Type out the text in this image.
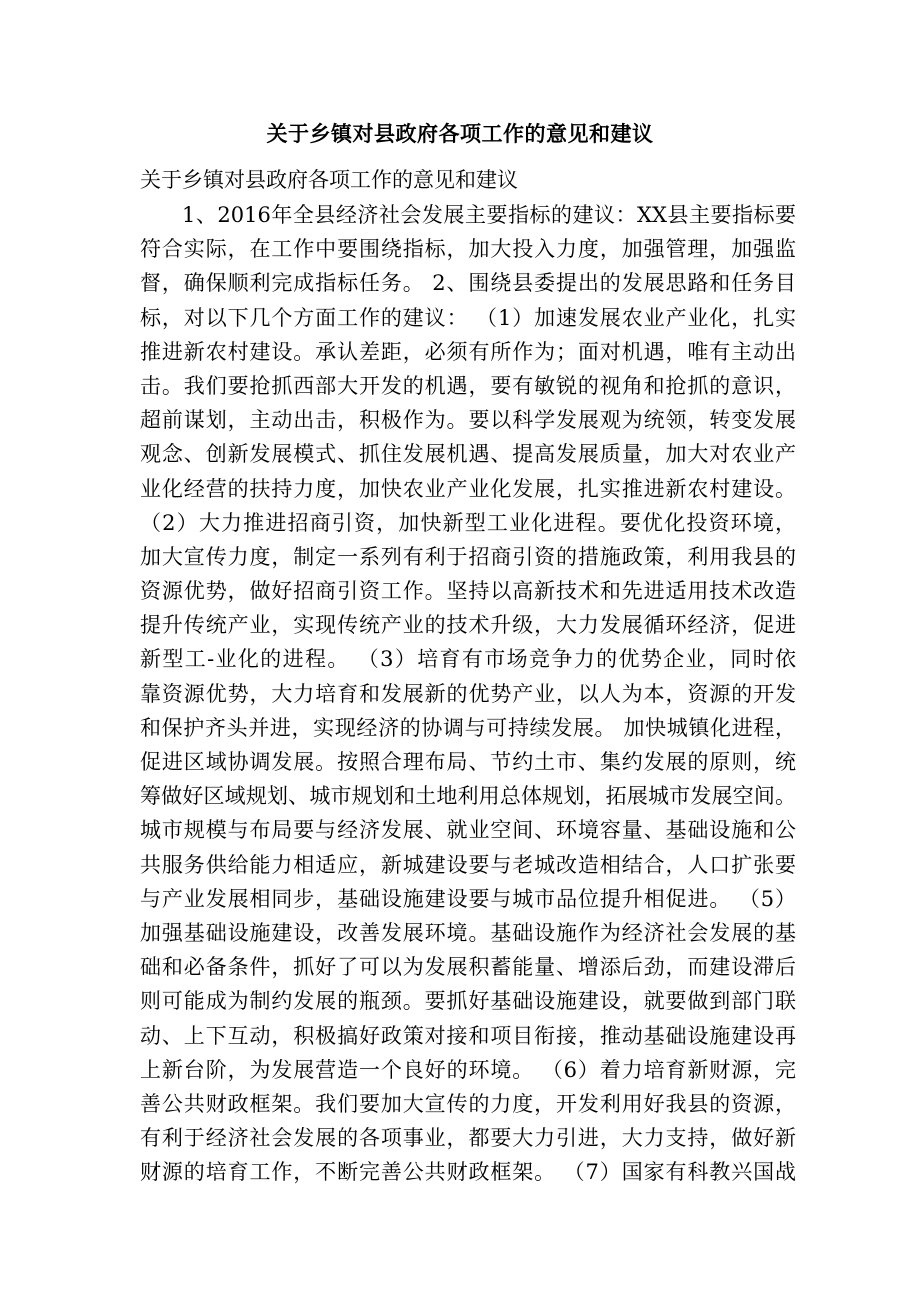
关于乡镇对县政府各项工作的意见和建议
关于乡镇对县政府各项工作的意见和建议
1、2016年全县经济社会发展主要指标的建议：XX县主要指标要
符合实际，在工作中要围绕指标，加大投入力度，加强管理，加强监
督，确保顺利完成指标任务。 2、围绕县委提出的发展思路和任务目
标，对以下几个方面工作的建议： （1）加速发展农业产业化，扎实
推进新农村建设。承认差距，必须有所作为；面对机遇，唯有主动出
击。我们要抢抓西部大开发的机遇，要有敏锐的视角和抢抓的意识，
超前谋划，主动出击，积极作为。要以科学发展观为统领，转变发展
观念、创新发展模式、抓住发展机遇、提高发展质量，加大对农业产
业化经营的扶持力度，加快农业产业化发展，扎实推进新农村建设。
（2）大力推进招商引资，加快新型工业化进程。要优化投资环境，
加大宣传力度，制定一系列有利于招商引资的措施政策，利用我县的
资源优势，做好招商引资工作。坚持以高新技术和先进适用技术改造
提升传统产业，实现传统产业的技术升级，大力发展循环经济，促进
新型工-业化的进程。 （3）培育有市场竞争力的优势企业，同时依
靠资源优势，大力培育和发展新的优势产业，以人为本，资源的开发
和保护齐头并进，实现经济的协调与可持续发展。 加快城镇化进程，
促进区域协调发展。按照合理布局、节约土市、集约发展的原则，统
筹做好区域规划、城市规划和土地利用总体规划，拓展城市发展空间。
城市规模与布局要与经济发展、就业空间、环境容量、基础设施和公
共服务供给能力相适应，新城建设要与老城改造相结合，人口扩张要
与产业发展相同步，基础设施建设要与城市品位提升相促进。 （5）
加强基础设施建设，改善发展环境。基础设施作为经济社会发展的基
础和必备条件，抓好了可以为发展积蓄能量、增添后劲，而建设滞后
则可能成为制约发展的瓶颈。要抓好基础设施建设，就要做到部门联
动、上下互动，积极搞好政策对接和项目衔接，推动基础设施建设再
上新台阶，为发展营造一个良好的环境。 （6）着力培育新财源，完
善公共财政框架。我们要加大宣传的力度，开发利用好我县的资源，
有利于经济社会发展的各项事业，都要大力引进，大力支持，做好新
财源的培育工作，不断完善公共财政框架。 （7）国家有科教兴国战
